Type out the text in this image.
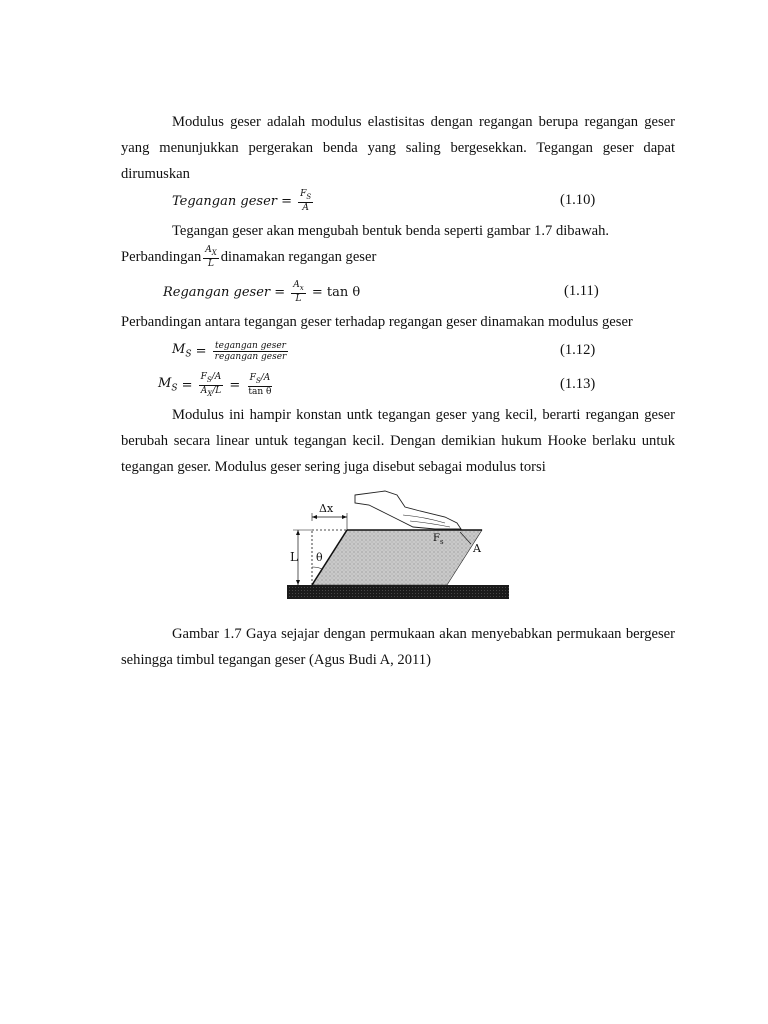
Modulus geser adalah modulus elastisitas dengan regangan berupa regangan geser yang menunjukkan pergerakan benda yang saling bergesekkan. Tegangan geser dapat dirumuskan

Tegangan geser = $\frac{F_S}{A}$	(1.10)

Tegangan geser akan mengubah bentuk benda seperti gambar 1.7 dibawah.

Perbandingan $\frac{A_X}{L}$ dinamakan regangan geser
Regangan geser = $\frac{A_x}{L} = \tan \theta$	(1.11)

Perbandingan antara tegangan geser terhadap regangan geser dinamakan modulus geser

$M_S = \frac{\text{tegangan geser}}{\text{regangan geser}}$	(1.12)
$M_S = \frac{F_S/A}{A_X/L} = \frac{F_S/A}{\text{tan θ}}$	(1.13)

Modulus ini hampir konstan untk tegangan geser yang kecil, berarti regangan geser berubah secara linear untuk tegangan kecil. Dengan demikian hukum Hooke berlaku untuk tegangan geser. Modulus geser sering juga disebut sebagai modulus torsi

Δx
L θ
$F_s$	A

Gambar 1.7 Gaya sejajar dengan permukaan akan menyebabkan permukaan bergeser sehingga timbul tegangan geser (Agus Budi A, 2011)
